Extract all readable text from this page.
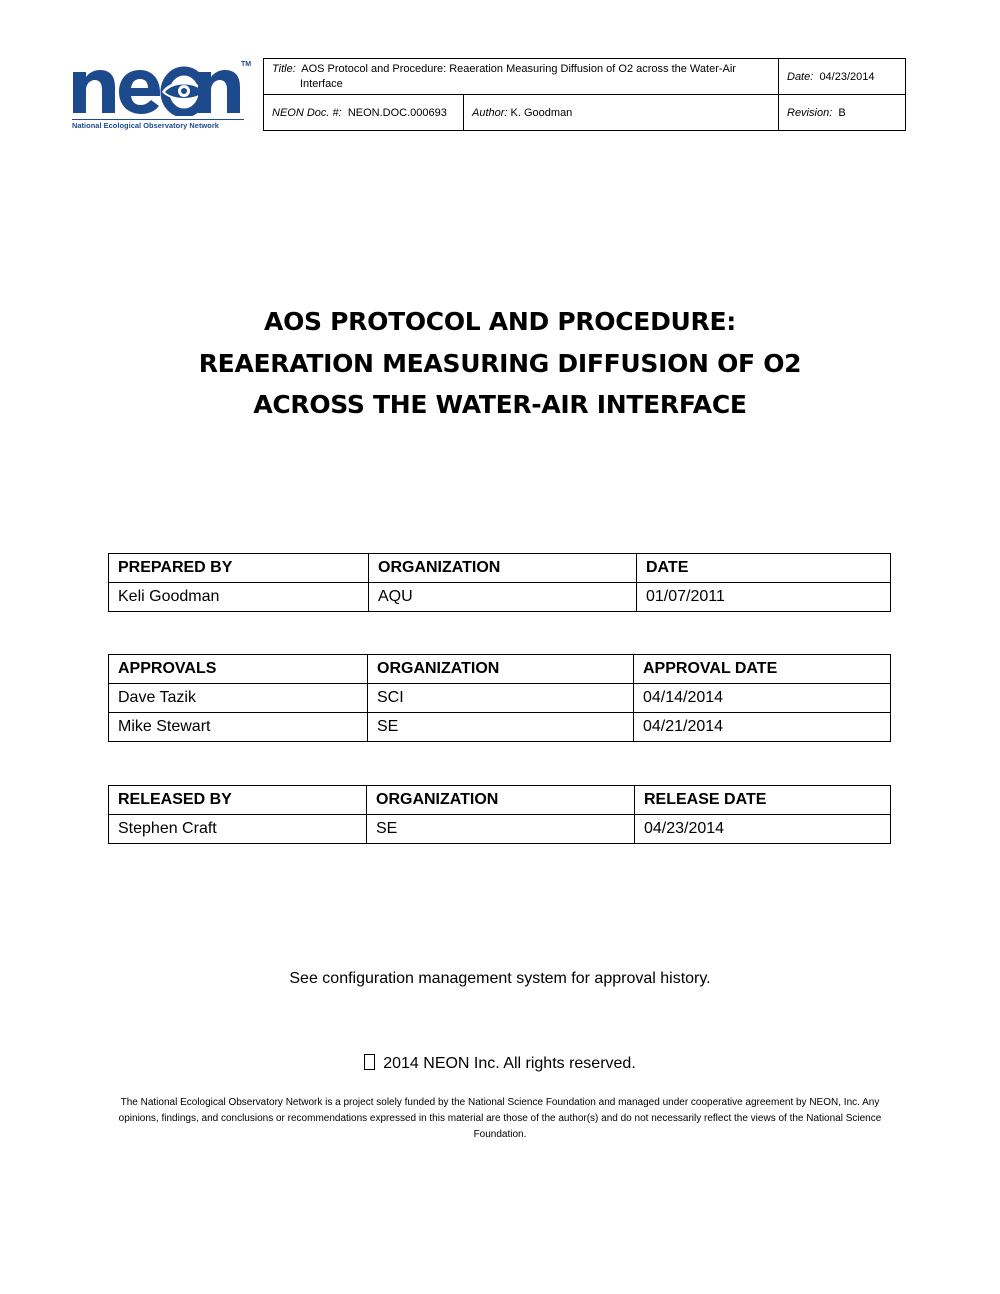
TM
National Ecological Observatory Network
Title: AOS Protocol and Procedure: Reaeration Measuring Diffusion of O2 across the Water-Air Interface		Date: 04/23/2014
NEON Doc. #: NEON.DOC.000693	Author: K. Goodman	Revision: B
AOS PROTOCOL AND PROCEDURE:
REAERATION MEASURING DIFFUSION OF O2
ACROSS THE WATER-AIR INTERFACE
PREPARED BY	ORGANIZATION	DATE
Keli Goodman	AQU	01/07/2011
APPROVALS	ORGANIZATION	APPROVAL DATE
Dave Tazik	SCI	04/14/2014
Mike Stewart	SE	04/21/2014
RELEASED BY	ORGANIZATION	RELEASE DATE
Stephen Craft	SE	04/23/2014
See configuration management system for approval history.
2014 NEON Inc. All rights reserved.
The National Ecological Observatory Network is a project solely funded by the National Science Foundation and managed under cooperative agreement by NEON, Inc. Any opinions, findings, and conclusions or recommendations expressed in this material are those of the author(s) and do not necessarily reflect the views of the National Science Foundation.
